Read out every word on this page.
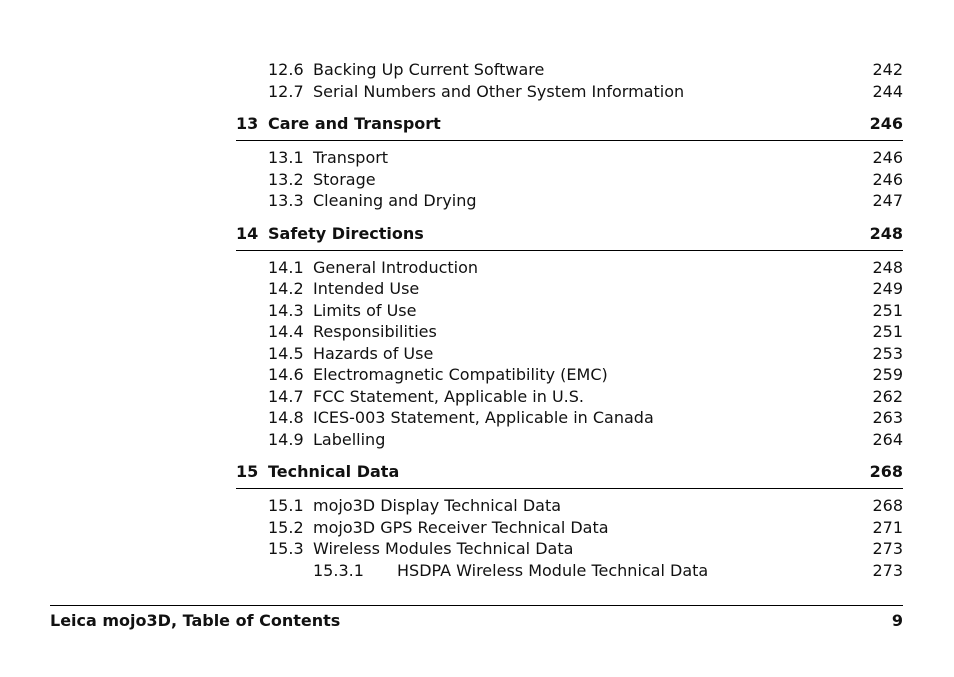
12.6 Backing Up Current Software	242
12.7 Serial Numbers and Other System Information	244
13 Care and Transport	246
13.1 Transport	246
13.2 Storage	246
13.3 Cleaning and Drying	247
14 Safety Directions	248
14.1 General Introduction	248
14.2 Intended Use	249
14.3 Limits of Use	251
14.4 Responsibilities	251
14.5 Hazards of Use	253
14.6 Electromagnetic Compatibility (EMC)	259
14.7 FCC Statement, Applicable in U.S.	262
14.8 ICES-003 Statement, Applicable in Canada	263
14.9 Labelling	264
15 Technical Data	268
15.1 mojo3D Display Technical Data	268
15.2 mojo3D GPS Receiver Technical Data	271
15.3 Wireless Modules Technical Data	273
15.3.1	HSDPA Wireless Module Technical Data	273
Leica mojo3D, Table of Contents	9
